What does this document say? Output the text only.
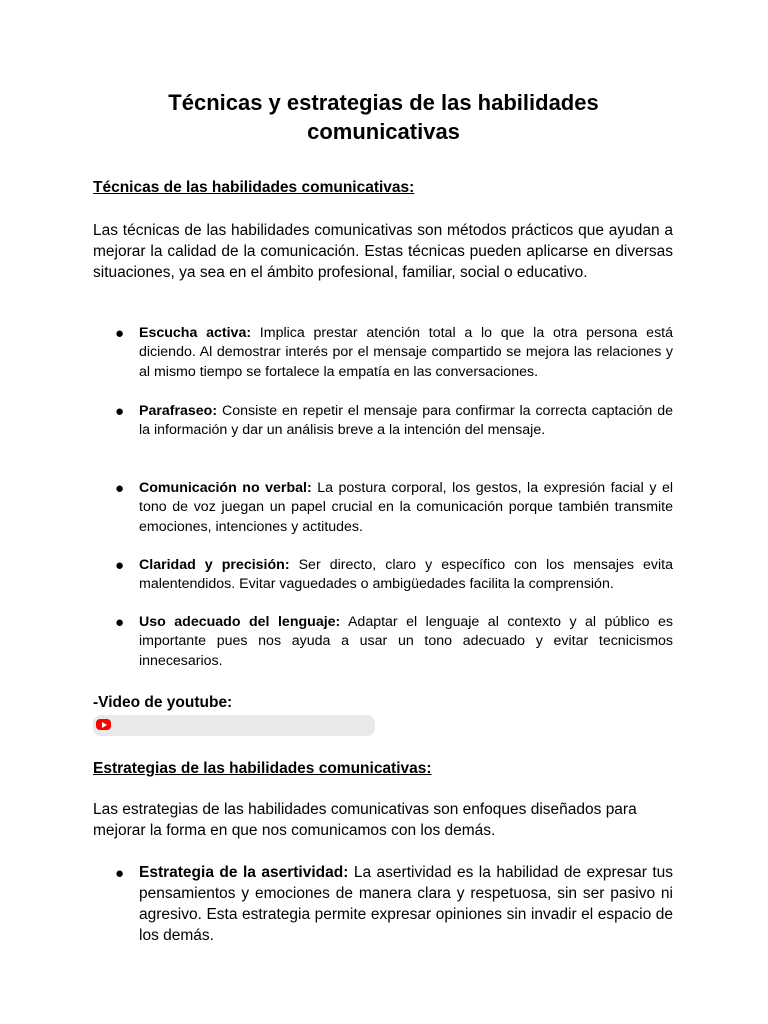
Técnicas y estrategias de las habilidades comunicativas
Técnicas de las habilidades comunicativas:
Las técnicas de las habilidades comunicativas son métodos prácticos que ayudan a mejorar la calidad de la comunicación. Estas técnicas pueden aplicarse en diversas situaciones, ya sea en el ámbito profesional, familiar, social o educativo.
● Escucha activa: Implica prestar atención total a lo que la otra persona está diciendo. Al demostrar interés por el mensaje compartido se mejora las relaciones y al mismo tiempo se fortalece la empatía en las conversaciones.
● Parafraseo: Consiste en repetir el mensaje para confirmar la correcta captación de la información y dar un análisis breve a la intención del mensaje.
● Comunicación no verbal: La postura corporal, los gestos, la expresión facial y el tono de voz juegan un papel crucial en la comunicación porque también transmite emociones, intenciones y actitudes.
● Claridad y precisión: Ser directo, claro y específico con los mensajes evita malentendidos. Evitar vaguedades o ambigüedades facilita la comprensión.
● Uso adecuado del lenguaje: Adaptar el lenguaje al contexto y al público es importante pues nos ayuda a usar un tono adecuado y evitar tecnicismos innecesarios.
-Video de youtube:
Estrategias de las habilidades comunicativas:
Las estrategias de las habilidades comunicativas son enfoques diseñados para mejorar la forma en que nos comunicamos con los demás.
● Estrategia de la asertividad: La asertividad es la habilidad de expresar tus pensamientos y emociones de manera clara y respetuosa, sin ser pasivo ni agresivo. Esta estrategia permite expresar opiniones sin invadir el espacio de los demás.
